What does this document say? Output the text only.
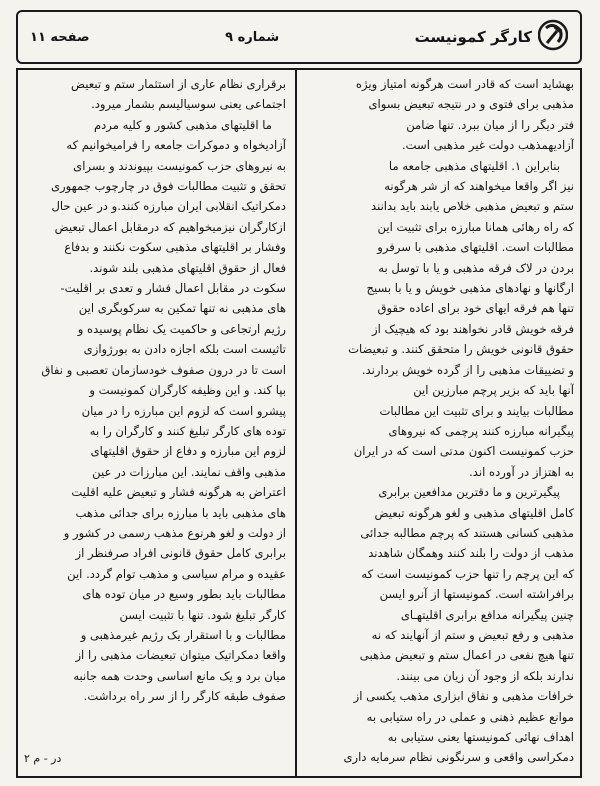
کارگر کمونیست
شماره ۹
صفحه ۱۱

بهشاید است که قادر است هرگونه امتیاز ویژه
مذهبی برای فتوی و در نتیجه تبعیض بسوای
فتر دیگر را از میان ببرد. تنها ضامن
آزادیهمذهب دولت غیر مذهبی است.

بنابراین ۱. اقلیتهای مذهبی جامعه ما
نیز اگر واقعا میخواهند که از شر هرگونه
ستم و تبعیض مذهبی خلاص یابند باید بدانند
که راه رهائی همانا مبارزه برای تثبیت این
مطالبات است. اقلیتهای مذهبی با سرفرو
بردن در لاک فرقه مذهبی و یا با توسل به
ارگانها و نهادهای مذهبی خویش و یا با بسیج
تنها هم فرقه ایهای خود برای اعاده حقوق
فرقه خویش قادر نخواهند بود که هیچیک از
حقوق قانونی خویش را متحقق کنند. و تبعیضات
و تضییقات مذهبی را از گرده خویش بردارند.
آنها باید که بزیر پرچم مبارزین این
مطالبات بیایند و برای تثبیت این مطالبات
پیگیرانه مبارزه کنند پرچمی که نیروهای
حزب کمونیست اکنون مدتی است که در ایران
به اهتزاز در آورده اند.

پیگیرترین و ما دقترین مدافعین برابری
کامل اقلیتهای مذهبی و لغو هرگونه تبعیض
مذهبی کسانی هستند که پرچم مطالبه جدائی
مذهب از دولت را بلند کنند وهمگان شاهدند
که این پرچم را تنها حزب کمونیست است که
برافراشته است. کمونیستها از آنرو ایسن
چنین پیگیرانه مدافع برابری اقلیتهـای
مذهبی و رفع تبعیض و ستم از آنهایند که نه
تنها هیچ نفعی در اعمال ستم و تبعیض مذهبی
ندارند بلکه از وجود آن زیان می بینند.
خرافات مذهبی و نفاق ابزاری مذهب یکسی از
موانع عظیم ذهنی و عملی در راه ستیابی به
اهداف نهائی کمونیستها یعنی ستیابی به
دمکراسی واقعی و سرنگونی نظام سرمایه داری

برقراری نظام عاری از استثمار ستم و تبعیض
اجتماعی یعنی سوسیالیسم بشمار میرود.

ما اقلیتهای مذهبی کشور و کلیه مردم
آزادیخواه و دموکرات جامعه را فرامیخوانیم که
به نیروهای حزب کمونیست بپیوندند و بسرای
تحقق و تثبیت مطالبات فوق در چارچوب جمهوری
دمکراتیک انقلابی ایران مبارزه کنند.و در عین حال
ازکارگران نیزمیخواهیم که درمقابل اعمال تبعیض
وفشار بر اقلیتهای مذهبی سکوت نکنند و بدفاع
فعال از حقوق اقلیتهای مذهبی بلند شوند.
سکوت در مقابل اعمال فشار و تعدی بر اقلیت-
های مذهبی نه تنها تمکین به سرکوبگری این
رژیم ارتجاعی و حاکمیت یک نظام پوسیده و
تاثیست است بلکه اجازه دادن به بورژوازی
است تا در درون صفوف خودسازمان تعصبی و نفاق
بپا کند. و این وظیفه کارگران کمونیست و
پیشرو است که لزوم این مبارزه را در میان
توده های کارگر تبلیغ کنند و کارگران را به
لزوم این مبارزه و دفاع از حقوق اقلیتهای
مذهبی واقف نمایند. این مبارزات در عین
اعتراض به هرگونه فشار و تبعیض علیه اقلیت
های مذهبی باید با مبارزه برای جدائی مذهب
از دولت و لغو هرنوع مذهب رسمی در کشور و
برابری کامل حقوق قانونی افراد صرفنظر از
عقیده و مرام سیاسی و مذهب توام گردد. این
مطالبات باید بطور وسیع در میان توده های
کارگر تبلیغ شود. تنها با تثبیت ایسن
مطالبات و با استقرار یک رژیم غیرمذهبی و
واقعا دمکراتیک میتوان تبعیضات مذهبی را از
میان برد و یک مانع اساسی وحدت همه جانبه
صفوف طبقه کارگر را از سر راه برداشت.

۲ در - م
